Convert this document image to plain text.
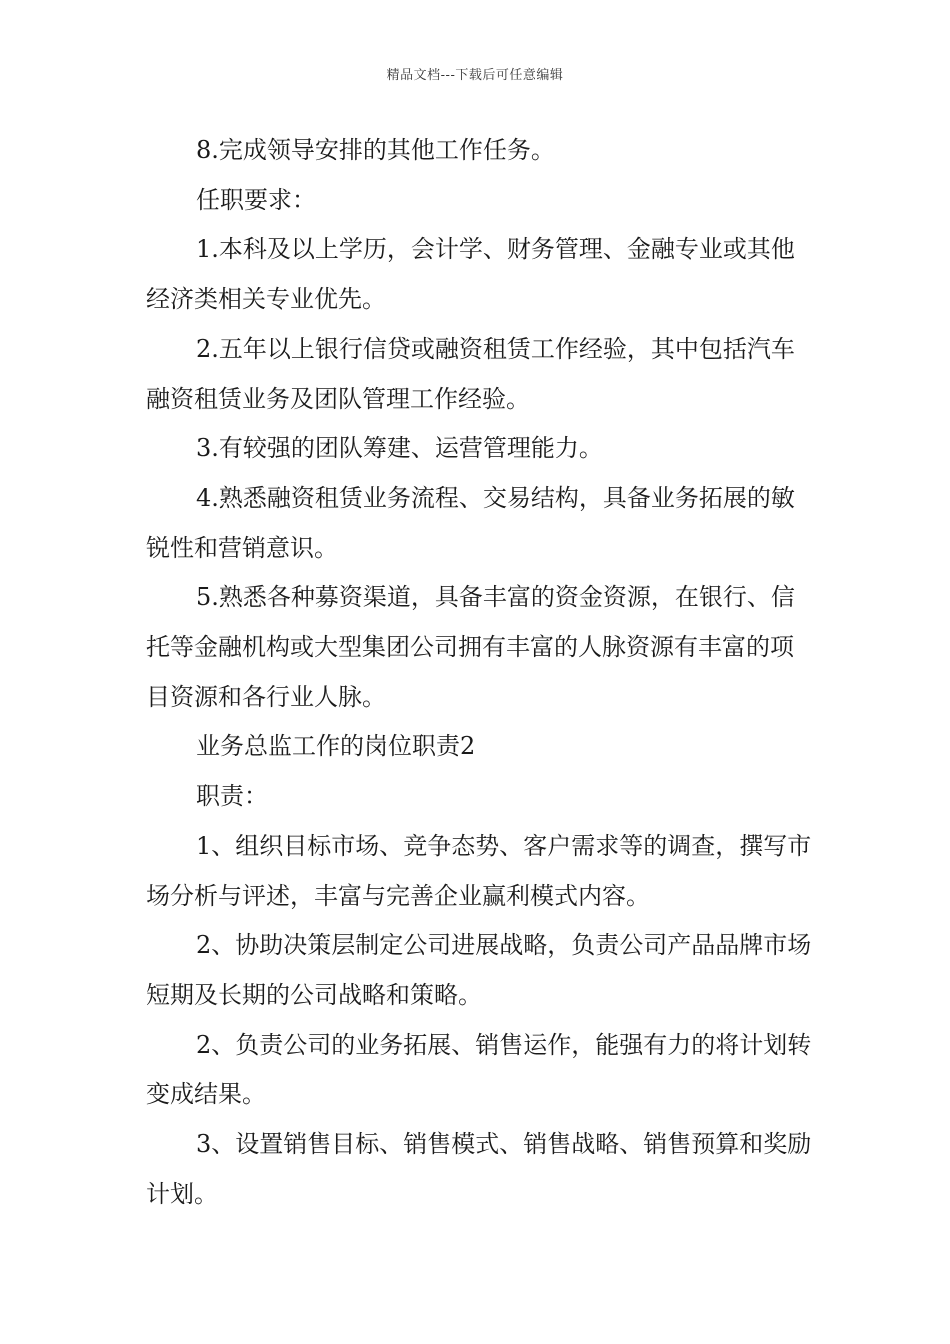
精品文档---下载后可任意编辑

8.完成领导安排的其他工作任务。

任职要求：

1.本科及以上学历，会计学、财务管理、金融专业或其他经济类相关专业优先。

2.五年以上银行信贷或融资租赁工作经验，其中包括汽车融资租赁业务及团队管理工作经验。

3.有较强的团队筹建、运营管理能力。

4.熟悉融资租赁业务流程、交易结构，具备业务拓展的敏锐性和营销意识。

5.熟悉各种募资渠道，具备丰富的资金资源，在银行、信托等金融机构或大型集团公司拥有丰富的人脉资源有丰富的项目资源和各行业人脉。

业务总监工作的岗位职责2

职责：

1、组织目标市场、竞争态势、客户需求等的调查，撰写市场分析与评述，丰富与完善企业赢利模式内容。

2、协助决策层制定公司进展战略，负责公司产品品牌市场短期及长期的公司战略和策略。

2、负责公司的业务拓展、销售运作，能强有力的将计划转变成结果。

3、设置销售目标、销售模式、销售战略、销售预算和奖励计划。
